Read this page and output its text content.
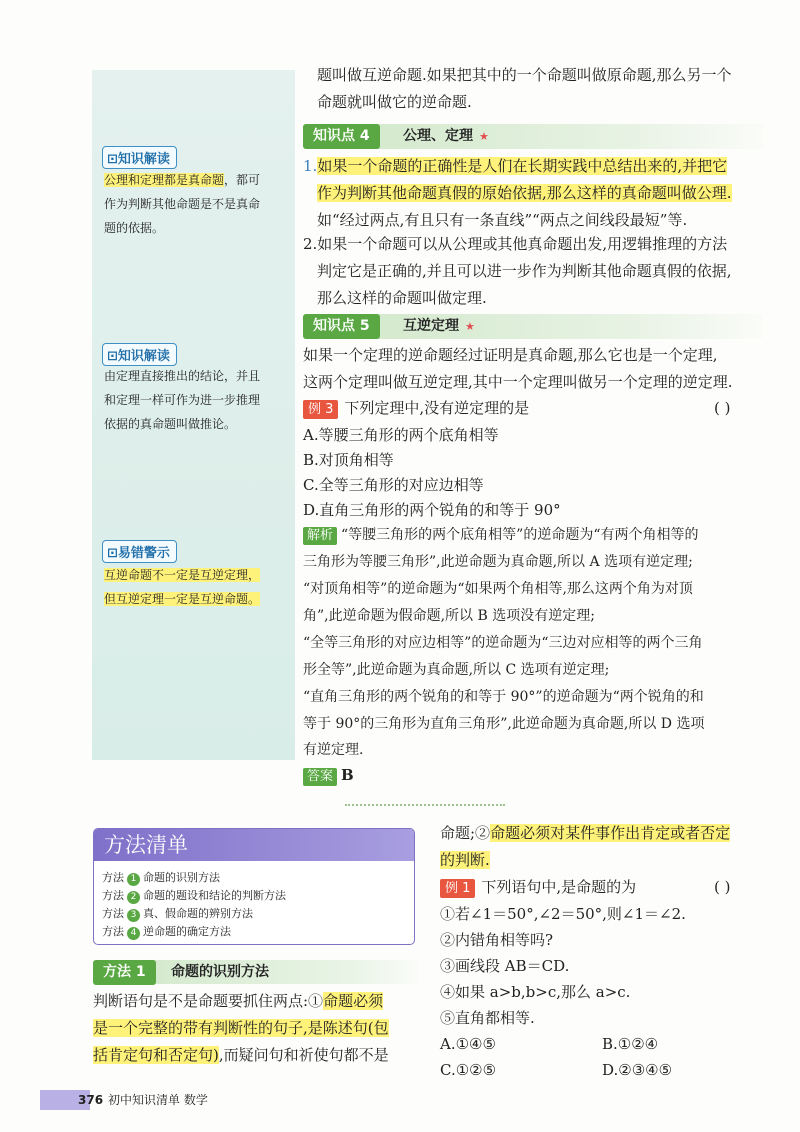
⊡知识解读
公理和定理都是真命题，都可
作为判断其他命题是不是真命
题的依据。
⊡知识解读
由定理直接推出的结论，并且
和定理一样可作为进一步推理
依据的真命题叫做推论。
⊡易错警示
互逆命题不一定是互逆定理，
但互逆定理一定是互逆命题。
题叫做互逆命题.如果把其中的一个命题叫做原命题,那么另一个
命题就叫做它的逆命题.
知识点 4	公理、定理 ★
1.如果一个命题的正确性是人们在长期实践中总结出来的,并把它
作为判断其他命题真假的原始依据,那么这样的真命题叫做公理.
如“经过两点,有且只有一条直线”“两点之间线段最短”等.
2.如果一个命题可以从公理或其他真命题出发,用逻辑推理的方法
判定它是正确的,并且可以进一步作为判断其他命题真假的依据,
那么这样的命题叫做定理.
知识点 5	互逆定理 ★
如果一个定理的逆命题经过证明是真命题,那么它也是一个定理,
这两个定理叫做互逆定理,其中一个定理叫做另一个定理的逆定理.
例 3 下列定理中,没有逆定理的是	( )
A.等腰三角形的两个底角相等
B.对顶角相等
C.全等三角形的对应边相等
D.直角三角形的两个锐角的和等于 90°
解析 “等腰三角形的两个底角相等”的逆命题为“有两个角相等的
三角形为等腰三角形”,此逆命题为真命题,所以 A 选项有逆定理;
“对顶角相等”的逆命题为“如果两个角相等,那么这两个角为对顶
角”,此逆命题为假命题,所以 B 选项没有逆定理;
“全等三角形的对应边相等”的逆命题为“三边对应相等的两个三角
形全等”,此逆命题为真命题,所以 C 选项有逆定理;
“直角三角形的两个锐角的和等于 90°”的逆命题为“两个锐角的和
等于 90°的三角形为直角三角形”,此逆命题为真命题,所以 D 选项
有逆定理.
答案 B
方法清单
方法 1 命题的识别方法
方法 2 命题的题设和结论的判断方法
方法 3 真、假命题的辨别方法
方法 4 逆命题的确定方法
方法 1	命题的识别方法
判断语句是不是命题要抓住两点:①命题必须
是一个完整的带有判断性的句子,是陈述句(包
括肯定句和否定句),而疑问句和祈使句都不是
命题;②命题必须对某件事作出肯定或者否定
的判断.
例 1 下列语句中,是命题的为	( )
①若∠1＝50°,∠2＝50°,则∠1＝∠2.
②内错角相等吗?
③画线段 AB＝CD.
④如果 a>b,b>c,那么 a>c.
⑤直角都相等.
A.①④⑤	B.①②④
C.①②⑤	D.②③④⑤
376 初中知识清单 数学
